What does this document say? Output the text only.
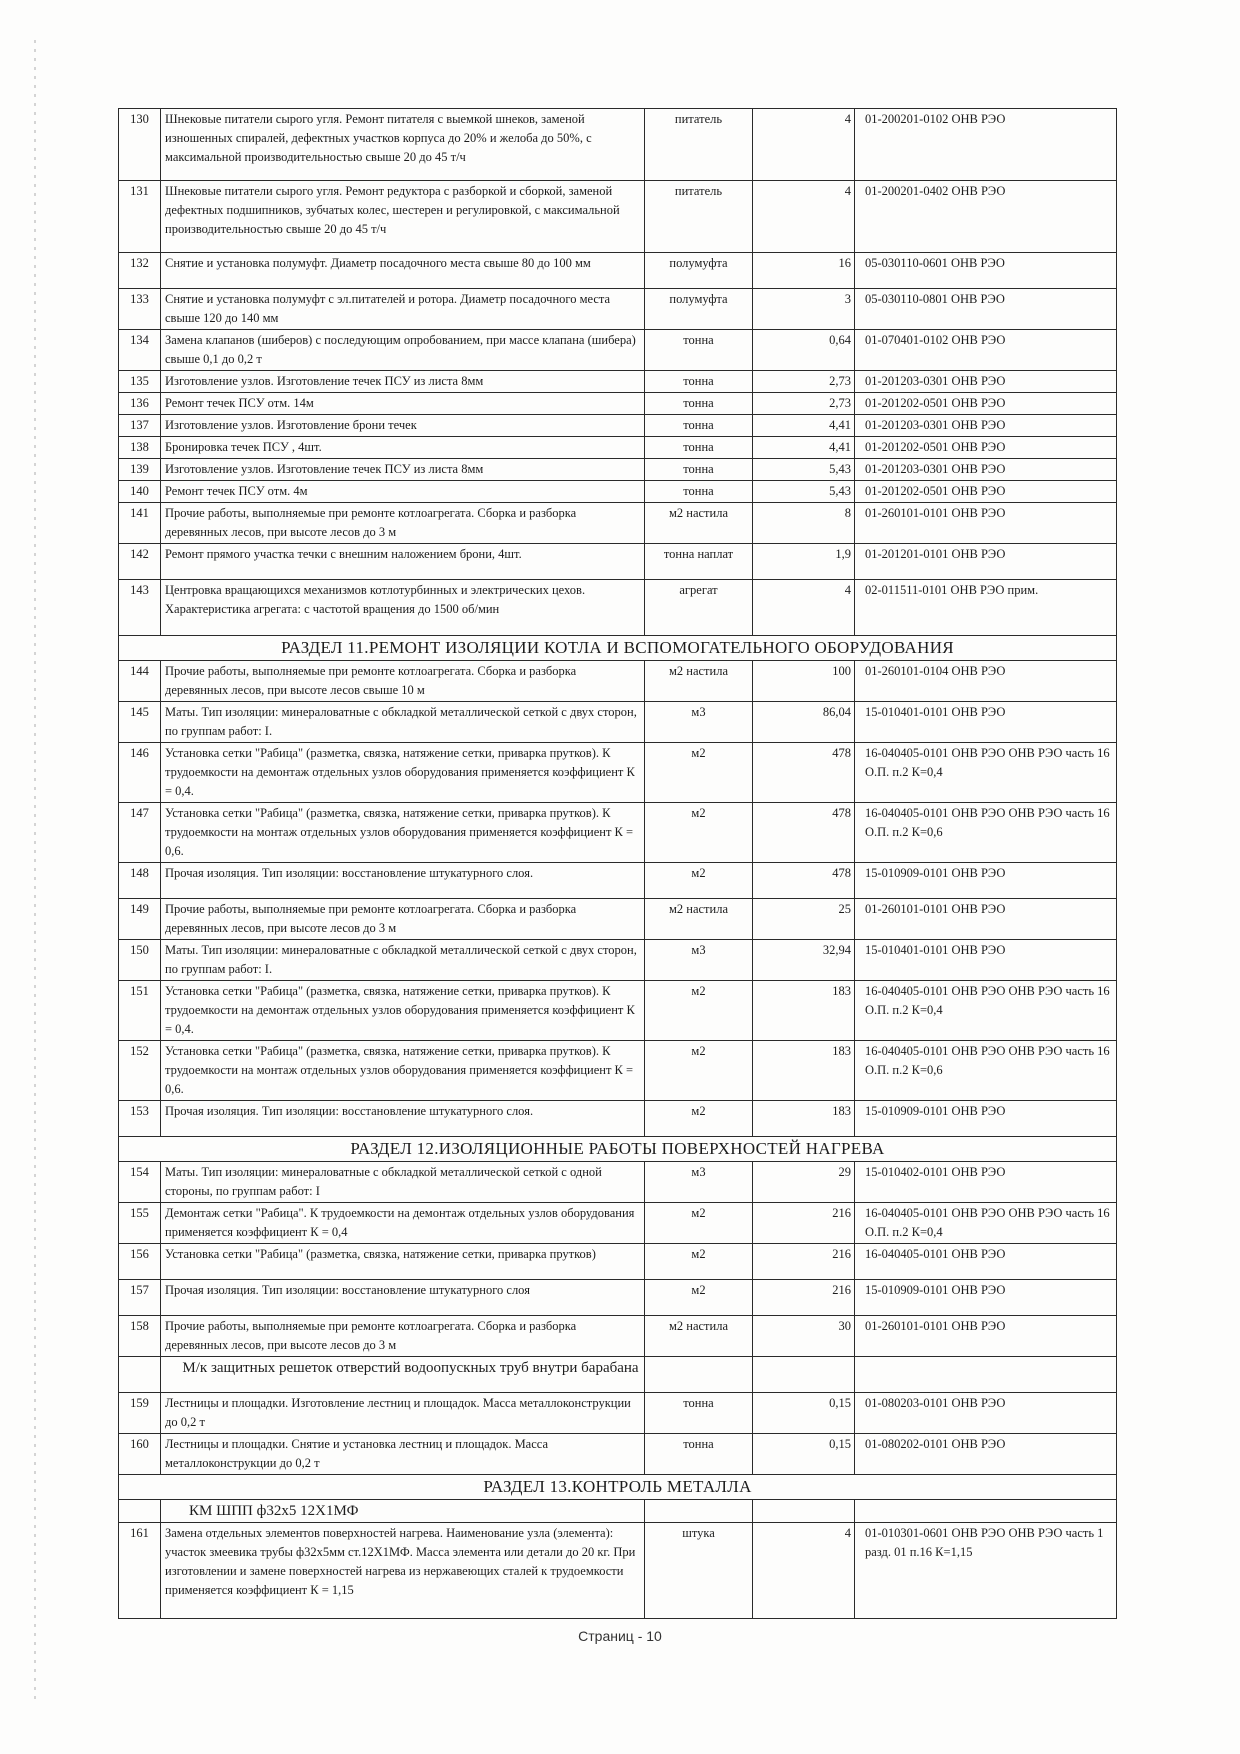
130	Шнековые питатели сырого угля. Ремонт питателя с выемкой шнеков, заменой изношенных спиралей, дефектных участков корпуса до 20% и желоба до 50%, с максимальной производительностью свыше 20 до 45 т/ч	питатель	4	01-200201-0102 ОНВ РЭО
131	Шнековые питатели сырого угля. Ремонт редуктора с разборкой и сборкой, заменой дефектных подшипников, зубчатых колес, шестерен и регулировкой, с максимальной производительностью свыше 20 до 45 т/ч	питатель	4	01-200201-0402 ОНВ РЭО
132	Снятие и установка полумуфт. Диаметр посадочного места свыше 80 до 100 мм	полумуфта	16	05-030110-0601 ОНВ РЭО
133	Снятие и установка полумуфт с эл.питателей и ротора. Диаметр посадочного места свыше 120 до 140 мм	полумуфта	3	05-030110-0801 ОНВ РЭО
134	Замена клапанов (шиберов) с последующим опробованием, при массе клапана (шибера) свыше 0,1 до 0,2 т	тонна	0,64	01-070401-0102 ОНВ РЭО
135	Изготовление узлов. Изготовление течек ПСУ из листа 8мм	тонна	2,73	01-201203-0301 ОНВ РЭО
136	Ремонт течек ПСУ отм. 14м	тонна	2,73	01-201202-0501 ОНВ РЭО
137	Изготовление узлов. Изготовление брони течек	тонна	4,41	01-201203-0301 ОНВ РЭО
138	Бронировка течек ПСУ , 4шт.	тонна	4,41	01-201202-0501 ОНВ РЭО
139	Изготовление узлов. Изготовление течек ПСУ из листа 8мм	тонна	5,43	01-201203-0301 ОНВ РЭО
140	Ремонт течек ПСУ отм. 4м	тонна	5,43	01-201202-0501 ОНВ РЭО
141	Прочие работы, выполняемые при ремонте котлоагрегата. Сборка и разборка деревянных лесов, при высоте лесов до 3 м	м2 настила	8	01-260101-0101 ОНВ РЭО
142	Ремонт прямого участка течки с внешним наложением брони, 4шт.	тонна наплат	1,9	01-201201-0101 ОНВ РЭО
143	Центровка вращающихся механизмов котлотурбинных и электрических цехов. Характеристика агрегата: с частотой вращения до 1500 об/мин	агрегат	4	02-011511-0101 ОНВ РЭО прим.
РАЗДЕЛ 11.РЕМОНТ ИЗОЛЯЦИИ КОТЛА И ВСПОМОГАТЕЛЬНОГО ОБОРУДОВАНИЯ				
144	Прочие работы, выполняемые при ремонте котлоагрегата. Сборка и разборка деревянных лесов, при высоте лесов свыше 10 м	м2 настила	100	01-260101-0104 ОНВ РЭО
145	Маты. Тип изоляции: минераловатные с обкладкой металлической сеткой с двух сторон, по группам работ: I.	м3	86,04	15-010401-0101 ОНВ РЭО
146	Установка сетки "Рабица" (разметка, связка, натяжение сетки, приварка прутков). К трудоемкости на демонтаж отдельных узлов оборудования применяется коэффициент К = 0,4.	м2	478	16-040405-0101 ОНВ РЭО ОНВ РЭО часть 16 О.П. п.2 К=0,4
147	Установка сетки "Рабица" (разметка, связка, натяжение сетки, приварка прутков). К трудоемкости на монтаж отдельных узлов оборудования применяется коэффициент К = 0,6.	м2	478	16-040405-0101 ОНВ РЭО ОНВ РЭО часть 16 О.П. п.2 К=0,6
148	Прочая изоляция. Тип изоляции: восстановление штукатурного слоя.	м2	478	15-010909-0101 ОНВ РЭО
149	Прочие работы, выполняемые при ремонте котлоагрегата. Сборка и разборка деревянных лесов, при высоте лесов до 3 м	м2 настила	25	01-260101-0101 ОНВ РЭО
150	Маты. Тип изоляции: минераловатные с обкладкой металлической сеткой с двух сторон, по группам работ: I.	м3	32,94	15-010401-0101 ОНВ РЭО
151	Установка сетки "Рабица" (разметка, связка, натяжение сетки, приварка прутков). К трудоемкости на демонтаж отдельных узлов оборудования применяется коэффициент К = 0,4.	м2	183	16-040405-0101 ОНВ РЭО ОНВ РЭО часть 16 О.П. п.2 К=0,4
152	Установка сетки "Рабица" (разметка, связка, натяжение сетки, приварка прутков). К трудоемкости на монтаж отдельных узлов оборудования применяется коэффициент К = 0,6.	м2	183	16-040405-0101 ОНВ РЭО ОНВ РЭО часть 16 О.П. п.2 К=0,6
153	Прочая изоляция. Тип изоляции: восстановление штукатурного слоя.	м2	183	15-010909-0101 ОНВ РЭО
РАЗДЕЛ 12.ИЗОЛЯЦИОННЫЕ РАБОТЫ ПОВЕРХНОСТЕЙ НАГРЕВА				
154	Маты. Тип изоляции: минераловатные с обкладкой металлической сеткой с одной стороны, по группам работ: I	м3	29	15-010402-0101 ОНВ РЭО
155	Демонтаж сетки "Рабица". К трудоемкости на демонтаж отдельных узлов оборудования применяется коэффициент К = 0,4	м2	216	16-040405-0101 ОНВ РЭО ОНВ РЭО часть 16 О.П. п.2 К=0,4
156	Установка сетки "Рабица" (разметка, связка, натяжение сетки, приварка прутков)	м2	216	16-040405-0101 ОНВ РЭО
157	Прочая изоляция. Тип изоляции: восстановление штукатурного слоя	м2	216	15-010909-0101 ОНВ РЭО
158	Прочие работы, выполняемые при ремонте котлоагрегата. Сборка и разборка деревянных лесов, при высоте лесов до 3 м	м2 настила	30	01-260101-0101 ОНВ РЭО
	М/к защитных решеток отверстий водоопускных труб внутри барабана			
159	Лестницы и площадки. Изготовление лестниц и площадок. Масса металлоконструкции до 0,2 т	тонна	0,15	01-080203-0101 ОНВ РЭО
160	Лестницы и площадки. Снятие и установка лестниц и площадок. Масса металлоконструкции до 0,2 т	тонна	0,15	01-080202-0101 ОНВ РЭО
РАЗДЕЛ 13.КОНТРОЛЬ МЕТАЛЛА				
	КМ ШПП ф32х5 12Х1МФ			
161	Замена отдельных элементов поверхностей нагрева. Наименование узла (элемента): участок змеевика трубы ф32х5мм ст.12Х1МФ. Масса элемента или детали до 20 кг. При изготовлении и замене поверхностей нагрева из нержавеющих сталей к трудоемкости применяется коэффициент К = 1,15	штука	4	01-010301-0601 ОНВ РЭО ОНВ РЭО часть 1 разд. 01 п.16 К=1,15
Страниц - 10
